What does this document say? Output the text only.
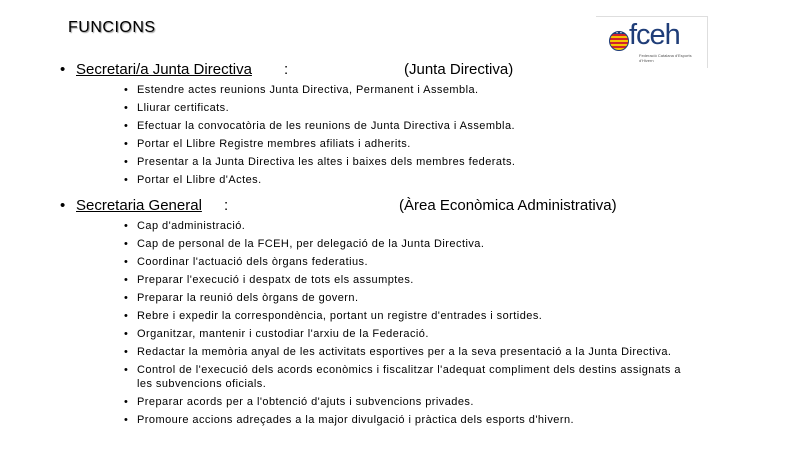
FUNCIONS	fceh
Federació Catalana d'Esports d'Hivern
• Secretari/a Junta Directiva :	(Junta Directiva)
• Estendre actes reunions Junta Directiva, Permanent i Assembla.
• Lliurar certificats.
• Efectuar la convocatòria de les reunions de Junta Directiva i Assembla.
• Portar el Llibre Registre membres afiliats i adherits.
• Presentar a la Junta Directiva les altes i baixes dels membres federats.
• Portar el Llibre d'Actes.
• Secretaria General :	(Àrea Econòmica Administrativa)
• Cap d'administració.
• Cap de personal de la FCEH, per delegació de la Junta Directiva.
• Coordinar l'actuació dels òrgans federatius.
• Preparar l'execució i despatx de tots els assumptes.
• Preparar la reunió dels òrgans de govern.
• Rebre i expedir la correspondència, portant un registre d'entrades i sortides.
• Organitzar, mantenir i custodiar l'arxiu de la Federació.
• Redactar la memòria anyal de les activitats esportives per a la seva presentació a la Junta Directiva.
• Control de l'execució dels acords econòmics i fiscalitzar l'adequat compliment dels destins assignats a les subvencions oficials.
• Preparar acords per a l'obtenció d'ajuts i subvencions privades.
• Promoure accions adreçades a la major divulgació i pràctica dels esports d'hivern.
